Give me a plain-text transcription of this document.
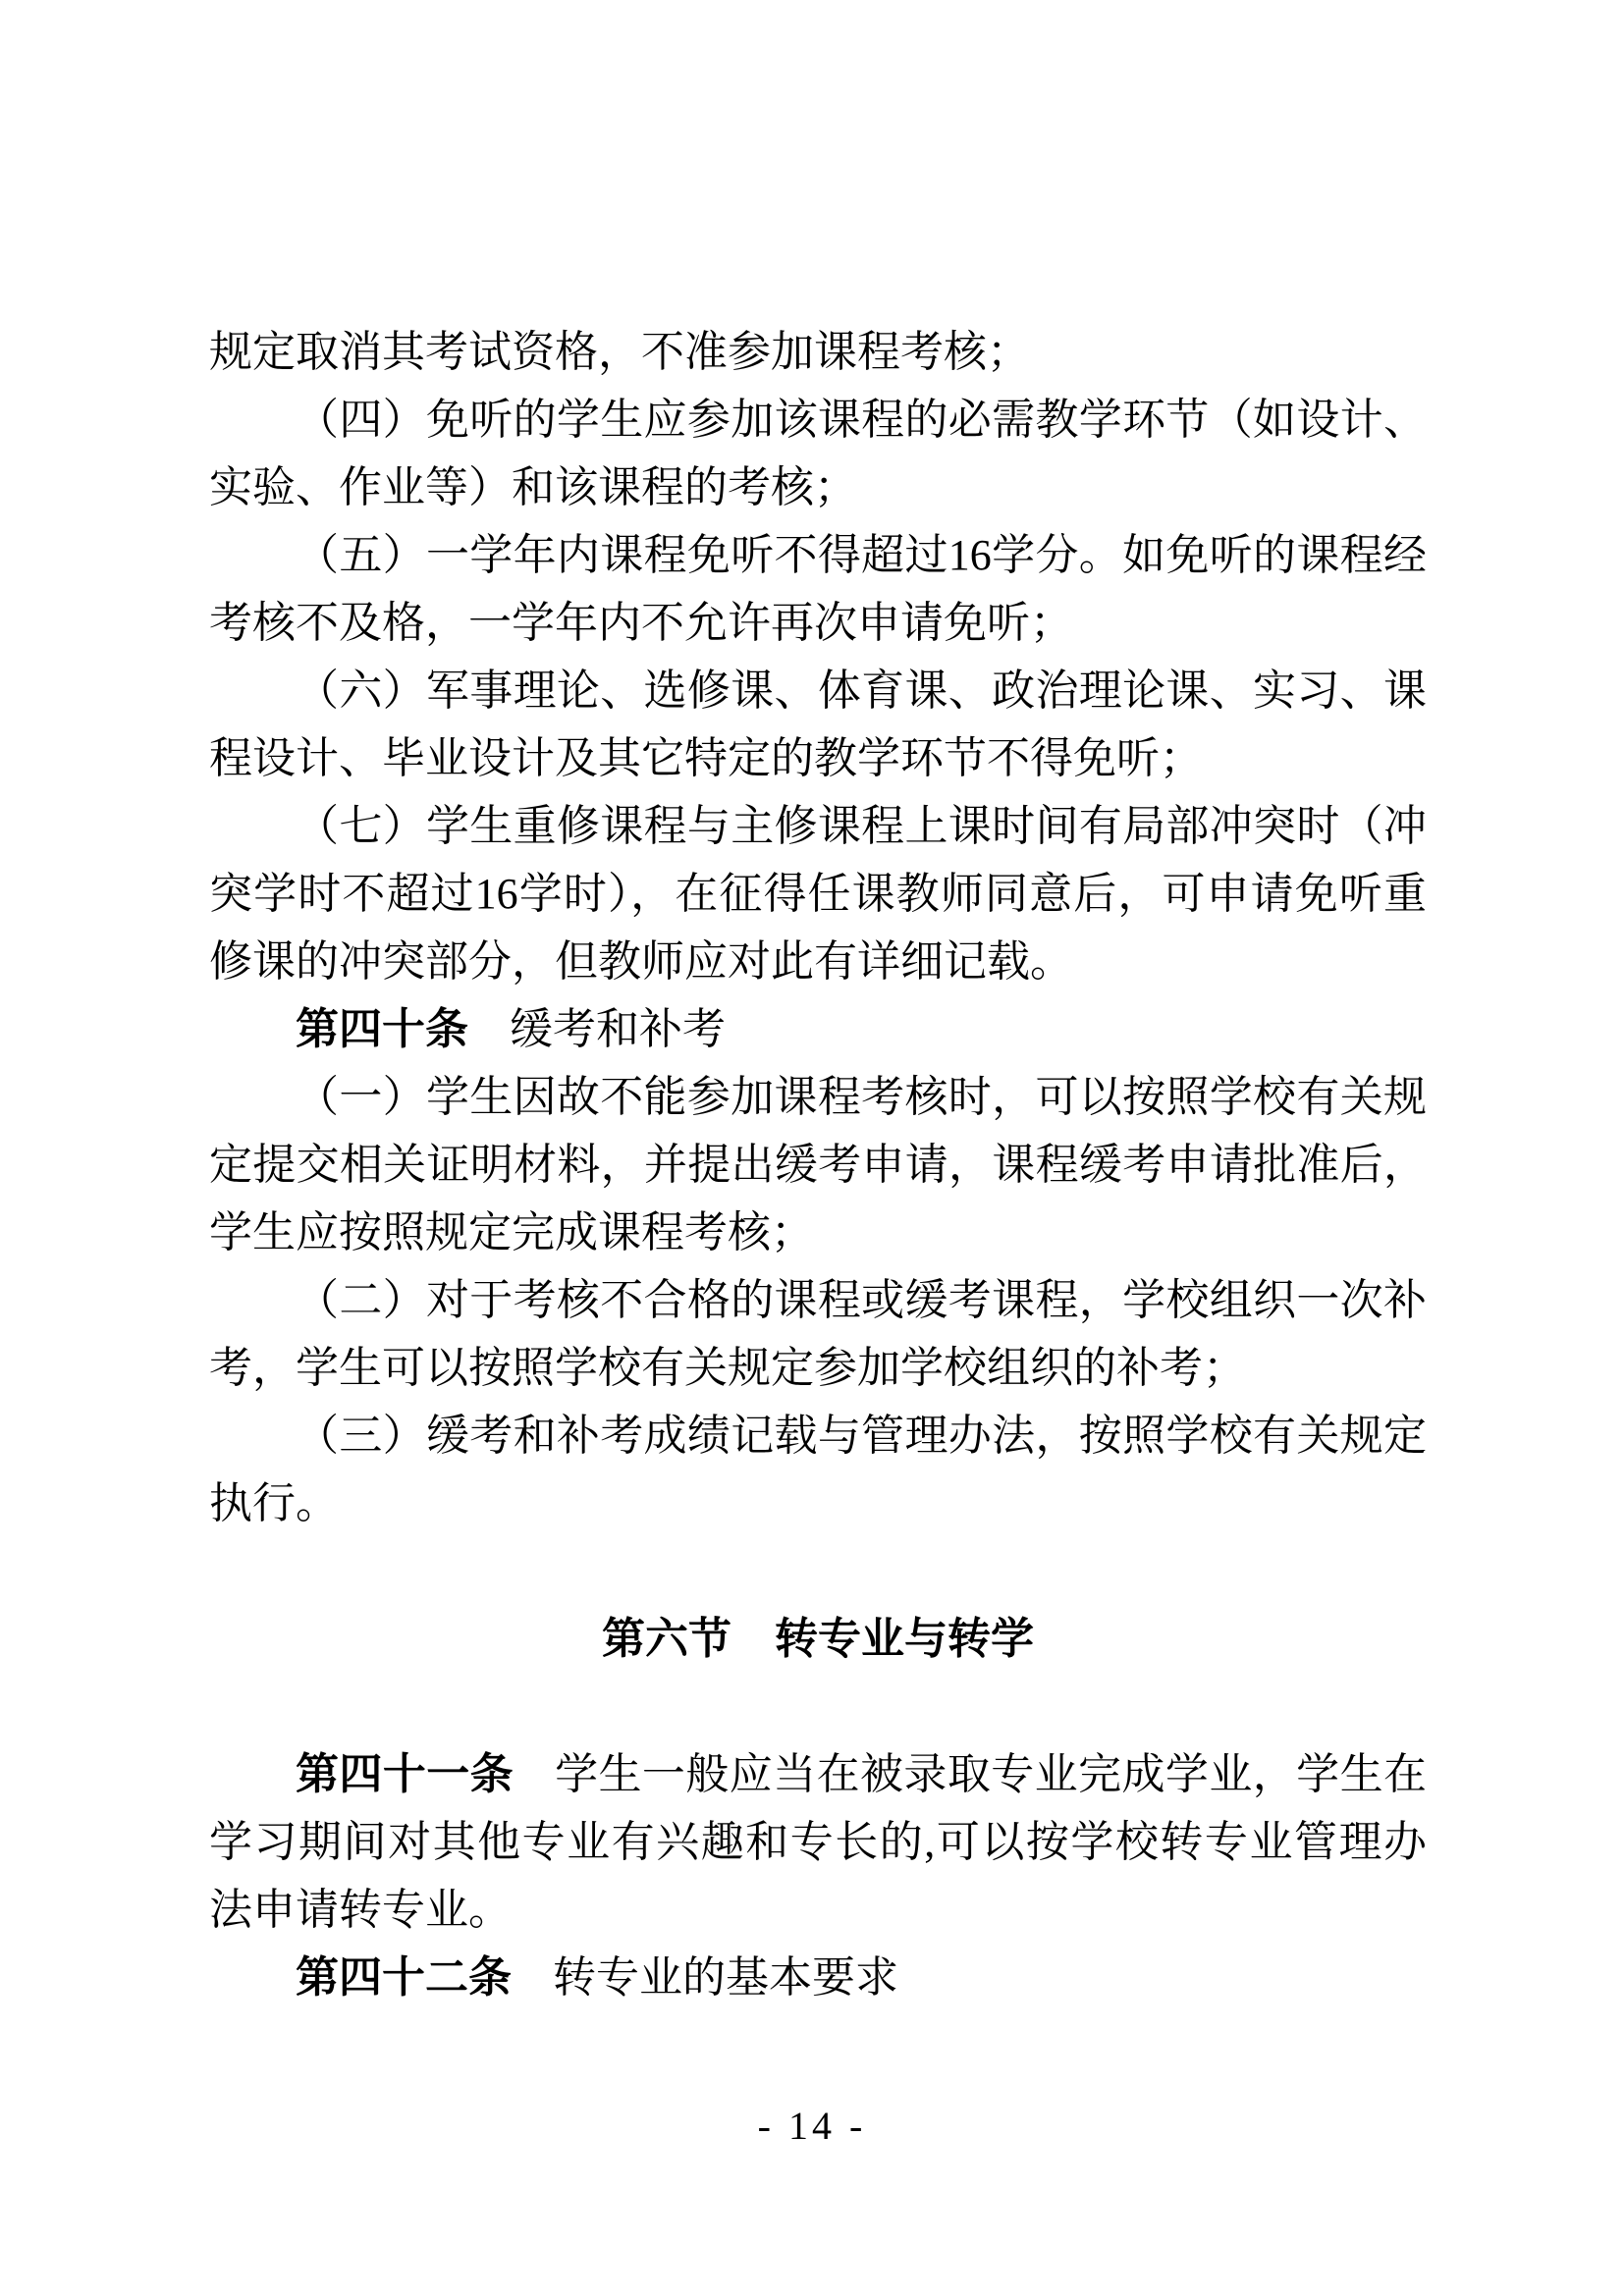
规定取消其考试资格，不准参加课程考核；
（四）免听的学生应参加该课程的必需教学环节（如设计、
实验、作业等）和该课程的考核；
（五）一学年内课程免听不得超过16学分。如免听的课程经
考核不及格，一学年内不允许再次申请免听；
（六）军事理论、选修课、体育课、政治理论课、实习、课
程设计、毕业设计及其它特定的教学环节不得免听；
（七）学生重修课程与主修课程上课时间有局部冲突时（冲
突学时不超过16学时），在征得任课教师同意后，可申请免听重
修课的冲突部分，但教师应对此有详细记载。
第四十条 缓考和补考
（一）学生因故不能参加课程考核时，可以按照学校有关规
定提交相关证明材料，并提出缓考申请，课程缓考申请批准后，
学生应按照规定完成课程考核；
（二）对于考核不合格的课程或缓考课程，学校组织一次补
考，学生可以按照学校有关规定参加学校组织的补考；
（三）缓考和补考成绩记载与管理办法，按照学校有关规定
执行。
第六节 转专业与转学
第四十一条 学生一般应当在被录取专业完成学业，学生在
学习期间对其他专业有兴趣和专长的,可以按学校转专业管理办
法申请转专业。
第四十二条 转专业的基本要求
- 14 -
